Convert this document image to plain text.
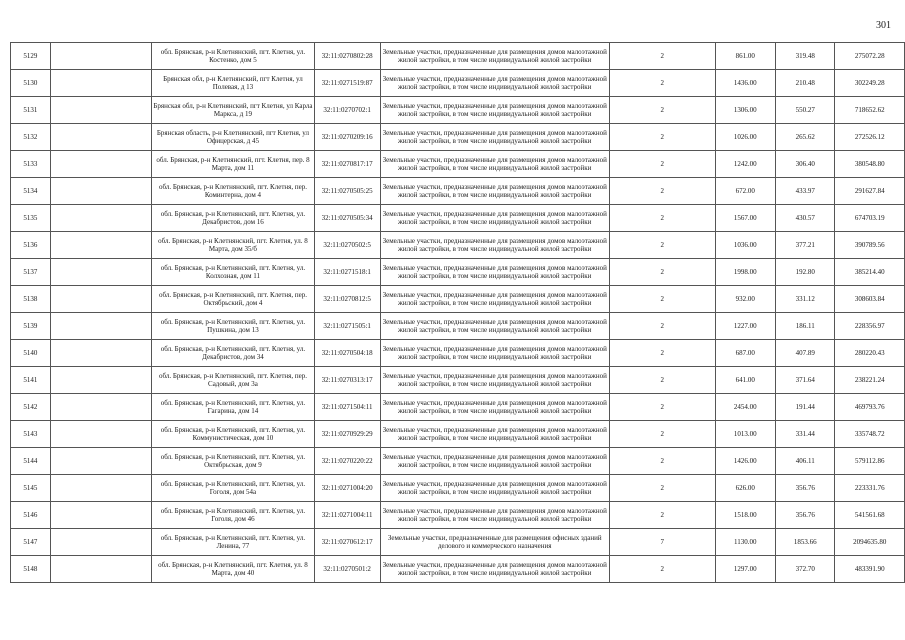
301
5129		обл. Брянская, р-н Клетнянский, пгт. Клетня, ул. Костенко, дом 5	32:11:0270802:28	Земельные участки, предназначенные для размещения домов малоэтажной жилой застройки, в том числе индивидуальной жилой застройки	2	861.00	319.48	275072.28
5130		Брянская обл, р-н Клетнянский, пгт Клетня, ул Полевая, д 13	32:11:0271519:87	Земельные участки, предназначенные для размещения домов малоэтажной жилой застройки, в том числе индивидуальной жилой застройки	2	1436.00	210.48	302249.28
5131		Брянская обл, р-н Клетнянский, пгт Клетня, ул Карла Маркса, д 19	32:11:0270702:1	Земельные участки, предназначенные для размещения домов малоэтажной жилой застройки, в том числе индивидуальной жилой застройки	2	1306.00	550.27	718652.62
5132		Брянская область, р-н Клетнянский, пгт Клетня, ул Офицерская, д 45	32:11:0270209:16	Земельные участки, предназначенные для размещения домов малоэтажной жилой застройки, в том числе индивидуальной жилой застройки	2	1026.00	265.62	272526.12
5133		обл. Брянская, р-н Клетнянский, пгт. Клетня, пер. 8 Марта, дом 11	32:11:0270817:17	Земельные участки, предназначенные для размещения домов малоэтажной жилой застройки, в том числе индивидуальной жилой застройки	2	1242.00	306.40	380548.80
5134		обл. Брянская, р-н Клетнянский, пгт. Клетня, пер. Коминтерна, дом 4	32:11:0270505:25	Земельные участки, предназначенные для размещения домов малоэтажной жилой застройки, в том числе индивидуальной жилой застройки	2	672.00	433.97	291627.84
5135		обл. Брянская, р-н Клетнянский, пгт. Клетня, ул. Декабристов, дом 16	32:11:0270505:34	Земельные участки, предназначенные для размещения домов малоэтажной жилой застройки, в том числе индивидуальной жилой застройки	2	1567.00	430.57	674703.19
5136		обл. Брянская, р-н Клетнянский, пгт. Клетня, ул. 8 Марта, дом 35/б	32:11:0270502:5	Земельные участки, предназначенные для размещения домов малоэтажной жилой застройки, в том числе индивидуальной жилой застройки	2	1036.00	377.21	390789.56
5137		обл. Брянская, р-н Клетнянский, пгт. Клетня, ул. Колхозная, дом 11	32:11:0271518:1	Земельные участки, предназначенные для размещения домов малоэтажной жилой застройки, в том числе индивидуальной жилой застройки	2	1998.00	192.80	385214.40
5138		обл. Брянская, р-н Клетнянский, пгт. Клетня, пер. Октябрьский, дом 4	32:11:0270812:5	Земельные участки, предназначенные для размещения домов малоэтажной жилой застройки, в том числе индивидуальной жилой застройки	2	932.00	331.12	308603.84
5139		обл. Брянская, р-н Клетнянский, пгт. Клетня, ул. Пушкина, дом 13	32:11:0271505:1	Земельные участки, предназначенные для размещения домов малоэтажной жилой застройки, в том числе индивидуальной жилой застройки	2	1227.00	186.11	228356.97
5140		обл. Брянская, р-н Клетнянский, пгт. Клетня, ул. Декабристов, дом 34	32:11:0270504:18	Земельные участки, предназначенные для размещения домов малоэтажной жилой застройки, в том числе индивидуальной жилой застройки	2	687.00	407.89	280220.43
5141		обл. Брянская, р-н Клетнянский, пгт. Клетня, пер. Садовый, дом 3а	32:11:0270313:17	Земельные участки, предназначенные для размещения домов малоэтажной жилой застройки, в том числе индивидуальной жилой застройки	2	641.00	371.64	238221.24
5142		обл. Брянская, р-н Клетнянский, пгт. Клетня, ул. Гагарина, дом 14	32:11:0271504:11	Земельные участки, предназначенные для размещения домов малоэтажной жилой застройки, в том числе индивидуальной жилой застройки	2	2454.00	191.44	469793.76
5143		обл. Брянская, р-н Клетнянский, пгт. Клетня, ул. Коммунистическая, дом 10	32:11:0270929:29	Земельные участки, предназначенные для размещения домов малоэтажной жилой застройки, в том числе индивидуальной жилой застройки	2	1013.00	331.44	335748.72
5144		обл. Брянская, р-н Клетнянский, пгт. Клетня, ул. Октябрьская, дом 9	32:11:0270220:22	Земельные участки, предназначенные для размещения домов малоэтажной жилой застройки, в том числе индивидуальной жилой застройки	2	1426.00	406.11	579112.86
5145		обл. Брянская, р-н Клетнянский, пгт. Клетня, ул. Гоголя, дом 54а	32:11:0271004:20	Земельные участки, предназначенные для размещения домов малоэтажной жилой застройки, в том числе индивидуальной жилой застройки	2	626.00	356.76	223331.76
5146		обл. Брянская, р-н Клетнянский, пгт. Клетня, ул. Гоголя, дом 46	32:11:0271004:11	Земельные участки, предназначенные для размещения домов малоэтажной жилой застройки, в том числе индивидуальной жилой застройки	2	1518.00	356.76	541561.68
5147		обл. Брянская, р-н Клетнянский, пгт. Клетня, ул. Ленина, 77	32:11:0270612:17	Земельные участки, предназначенные для размещения офисных зданий делового и коммерческого назначения	7	1130.00	1853.66	2094635.80
5148		обл. Брянская, р-н Клетнянский, пгт. Клетня, ул. 8 Марта, дом 40	32:11:0270501:2	Земельные участки, предназначенные для размещения домов малоэтажной жилой застройки, в том числе индивидуальной жилой застройки	2	1297.00	372.70	483391.90
